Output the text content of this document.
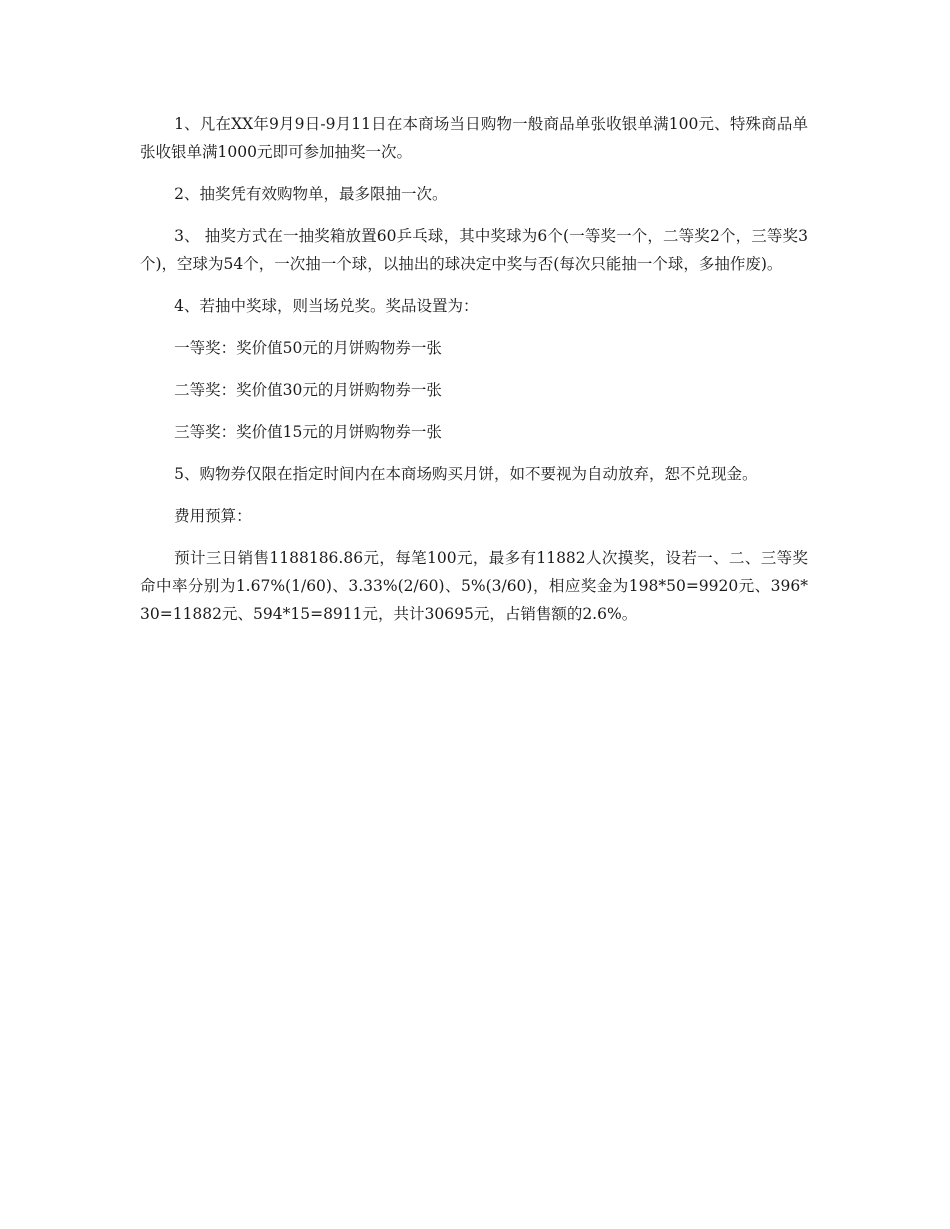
1、凡在XX年9月9日-9月11日在本商场当日购物一般商品单张收银单满100元、特殊商品单张收银单满1000元即可参加抽奖一次。

2、抽奖凭有效购物单，最多限抽一次。

3、 抽奖方式在一抽奖箱放置60乒乓球，其中奖球为6个(一等奖一个，二等奖2个，三等奖3个)，空球为54个，一次抽一个球，以抽出的球决定中奖与否(每次只能抽一个球，多抽作废)。

4、若抽中奖球，则当场兑奖。奖品设置为：

一等奖：奖价值50元的月饼购物券一张

二等奖：奖价值30元的月饼购物券一张

三等奖：奖价值15元的月饼购物券一张

5、购物券仅限在指定时间内在本商场购买月饼，如不要视为自动放弃，恕不兑现金。

费用预算：

预计三日销售1188186.86元，每笔100元，最多有11882人次摸奖，设若一、二、三等奖命中率分别为1.67%(1/60)、3.33%(2/60)、5%(3/60)，相应奖金为198*50=9920元、396*30=11882元、594*15=8911元，共计30695元，占销售额的2.6%。
